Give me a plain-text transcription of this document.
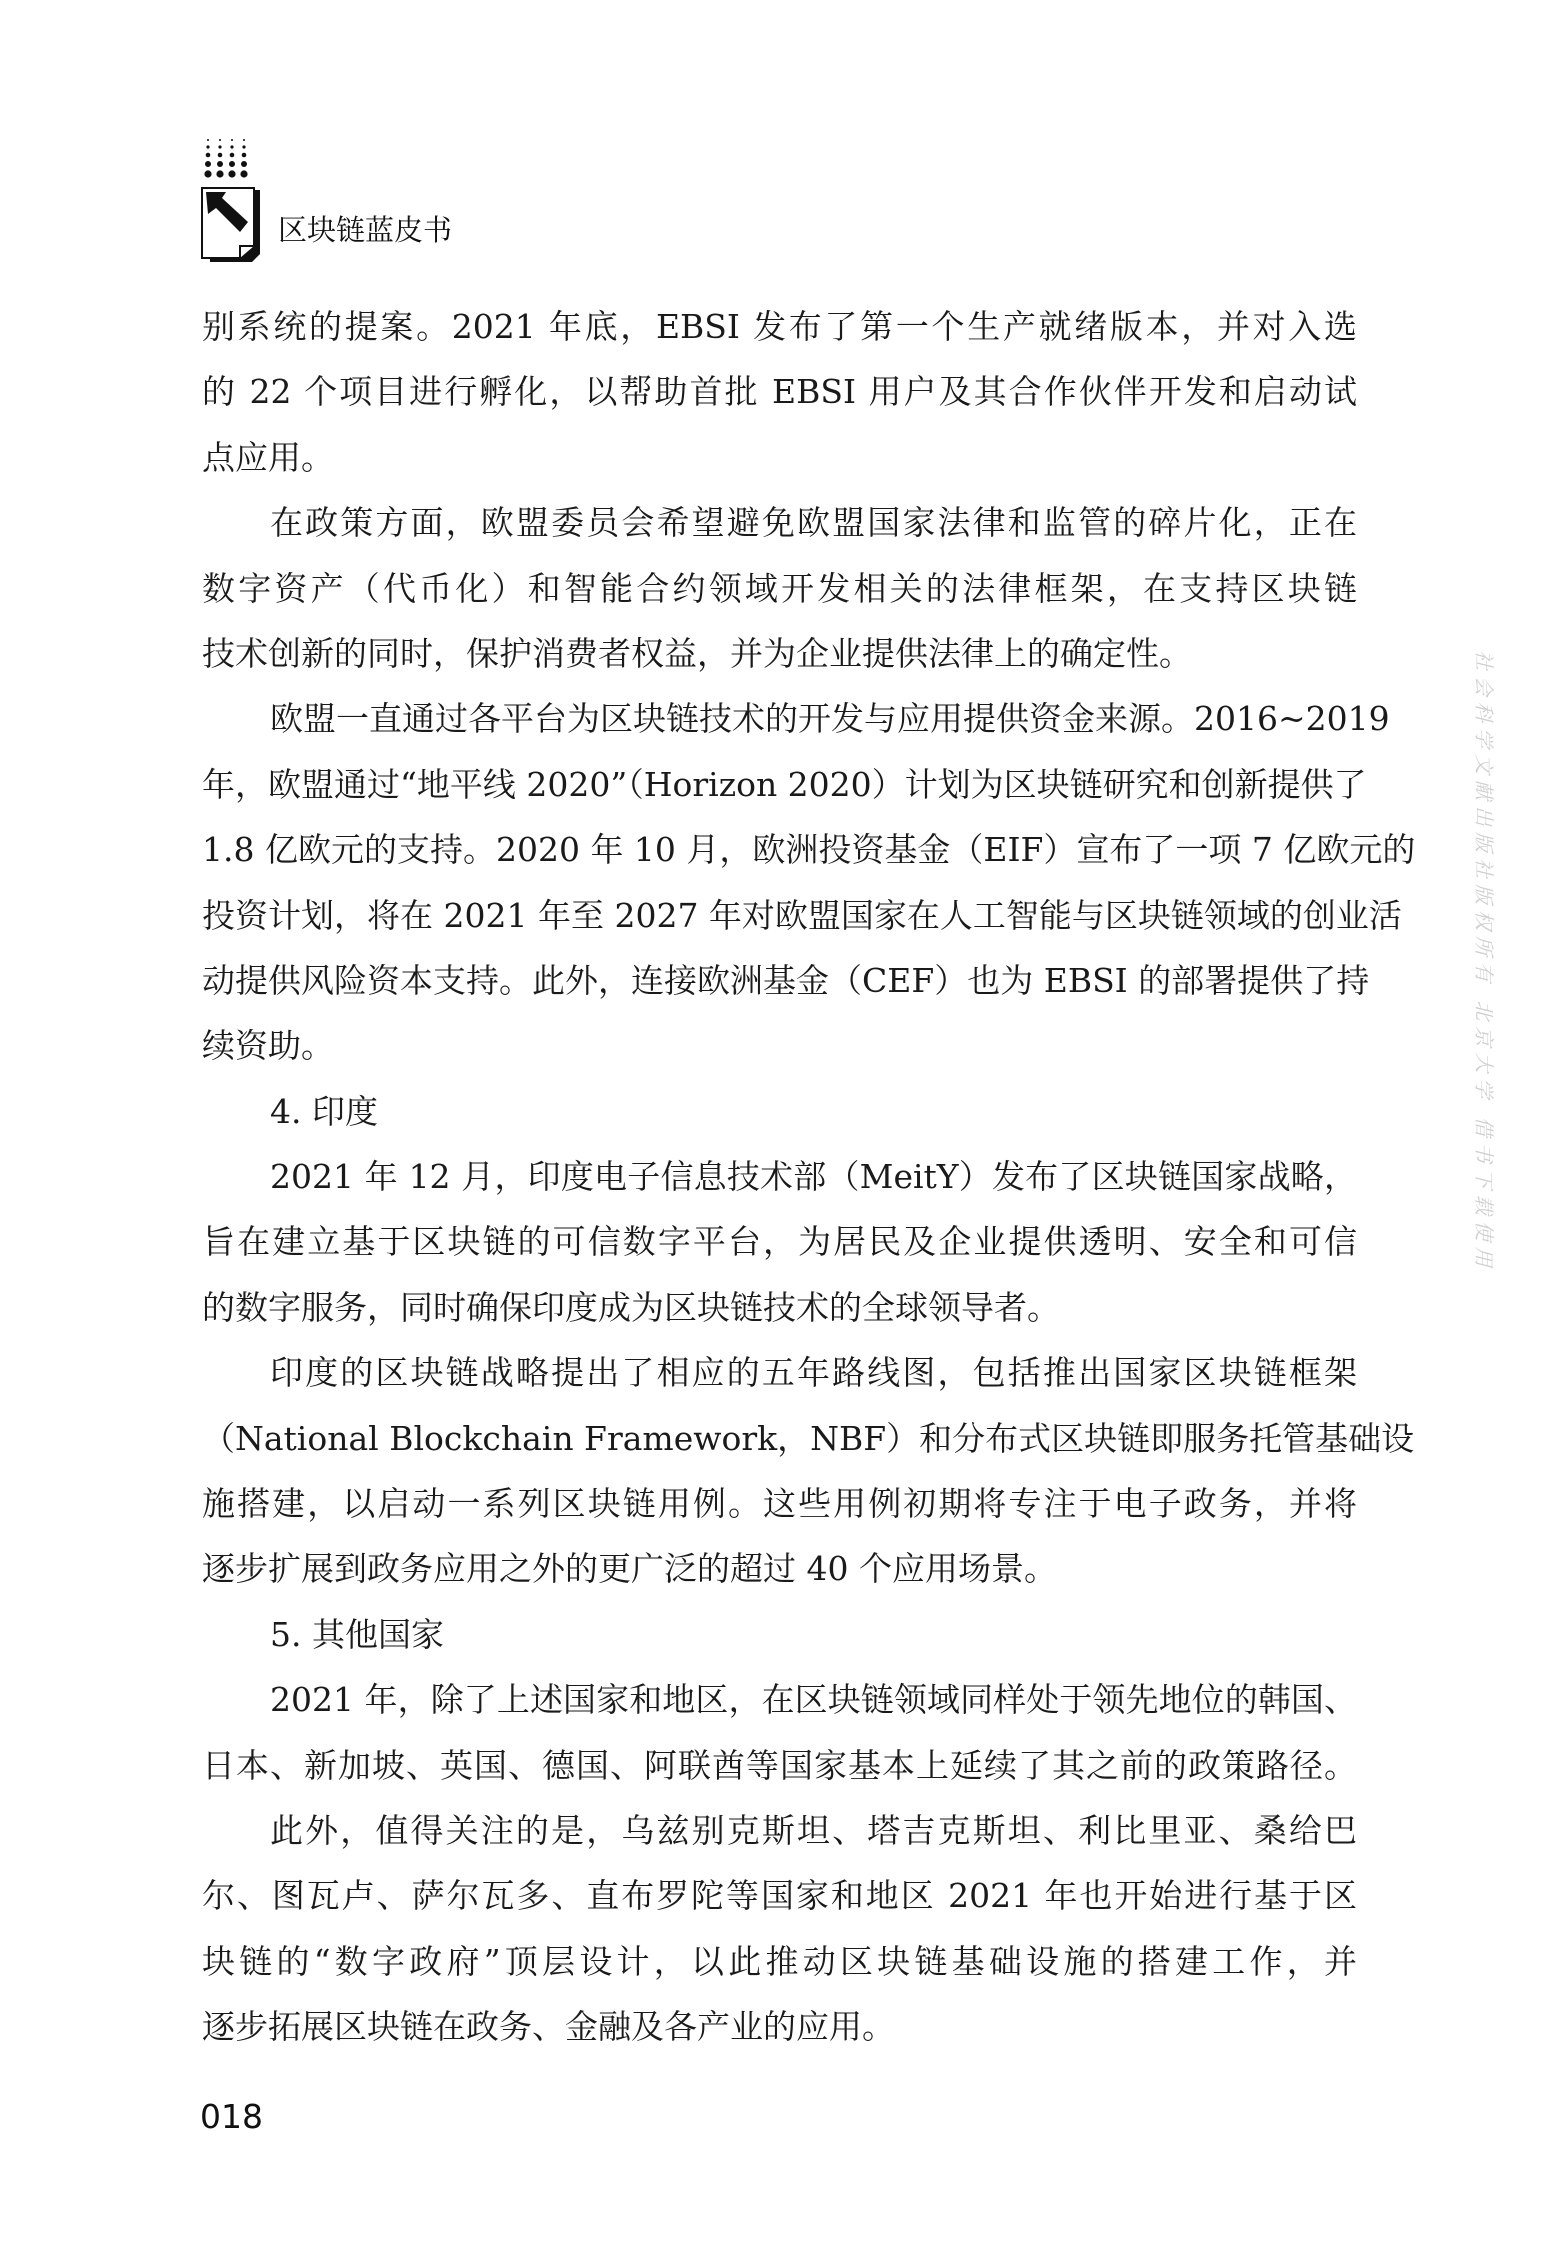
区块链蓝皮书
社会科学文献出版社版权所有 北京大学 借书下载使用
别系统的提案。2021 年底，EBSI 发布了第一个生产就绪版本，并对入选
的 22 个项目进行孵化，以帮助首批 EBSI 用户及其合作伙伴开发和启动试
点应用。
在政策方面，欧盟委员会希望避免欧盟国家法律和监管的碎片化，正在
数字资产（代币化）和智能合约领域开发相关的法律框架，在支持区块链
技术创新的同时，保护消费者权益，并为企业提供法律上的确定性。
欧盟一直通过各平台为区块链技术的开发与应用提供资金来源。2016~2019
年，欧盟通过“地平线 2020”（Horizon 2020）计划为区块链研究和创新提供了
1.8 亿欧元的支持。2020 年 10 月，欧洲投资基金（EIF）宣布了一项 7 亿欧元的
投资计划，将在 2021 年至 2027 年对欧盟国家在人工智能与区块链领域的创业活
动提供风险资本支持。此外，连接欧洲基金（CEF）也为 EBSI 的部署提供了持
续资助。
4. 印度
2021 年 12 月，印度电子信息技术部（MeitY）发布了区块链国家战略，
旨在建立基于区块链的可信数字平台，为居民及企业提供透明、安全和可信
的数字服务，同时确保印度成为区块链技术的全球领导者。
印度的区块链战略提出了相应的五年路线图，包括推出国家区块链框架
（National Blockchain Framework，NBF）和分布式区块链即服务托管基础设
施搭建，以启动一系列区块链用例。这些用例初期将专注于电子政务，并将
逐步扩展到政务应用之外的更广泛的超过 40 个应用场景。
5. 其他国家
2021 年，除了上述国家和地区，在区块链领域同样处于领先地位的韩国、
日本、新加坡、英国、德国、阿联酋等国家基本上延续了其之前的政策路径。
此外，值得关注的是，乌兹别克斯坦、塔吉克斯坦、利比里亚、桑给巴
尔、图瓦卢、萨尔瓦多、直布罗陀等国家和地区 2021 年也开始进行基于区
块链的“数字政府”顶层设计，以此推动区块链基础设施的搭建工作，并
逐步拓展区块链在政务、金融及各产业的应用。
018
